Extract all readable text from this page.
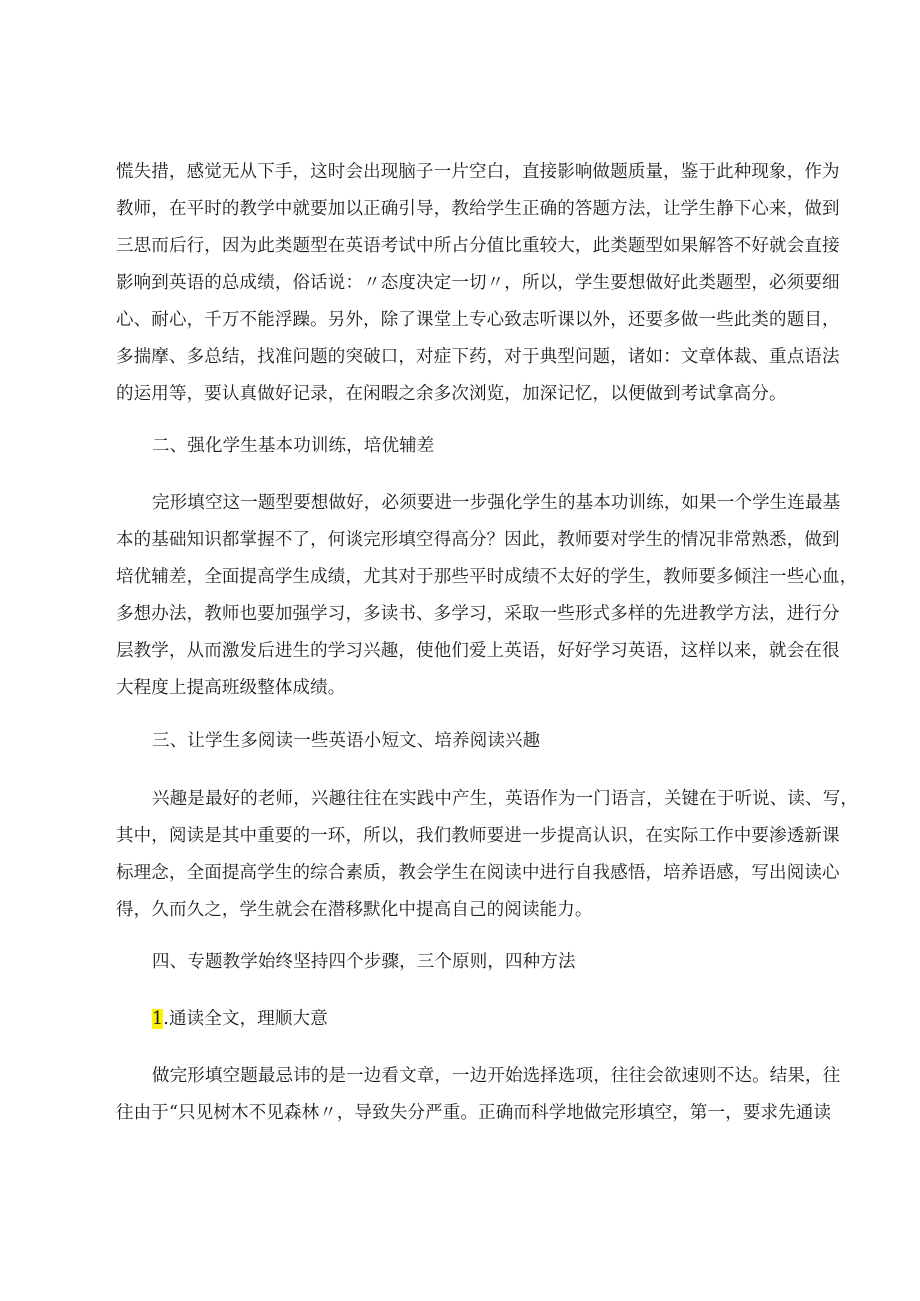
慌失措，感觉无从下手，这时会出现脑子一片空白，直接影响做题质量，鉴于此种现象，作为

教师，在平时的教学中就要加以正确引导，教给学生正确的答题方法，让学生静下心来，做到

三思而后行，因为此类题型在英语考试中所占分值比重较大，此类题型如果解答不好就会直接

影响到英语的总成绩，俗话说：〃态度决定一切〃，所以，学生要想做好此类题型，必须要细

心、耐心，千万不能浮躁。另外，除了课堂上专心致志听课以外，还要多做一些此类的题目，

多揣摩、多总结，找准问题的突破口，对症下药，对于典型问题，诸如：文章体裁、重点语法

的运用等，要认真做好记录，在闲暇之余多次浏览，加深记忆，以便做到考试拿高分。

二、强化学生基本功训练，培优辅差

完形填空这一题型要想做好，必须要进一步强化学生的基本功训练，如果一个学生连最基

本的基础知识都掌握不了，何谈完形填空得高分？因此，教师要对学生的情况非常熟悉，做到

培优辅差，全面提高学生成绩，尤其对于那些平时成绩不太好的学生，教师要多倾注一些心血，

多想办法，教师也要加强学习，多读书、多学习，采取一些形式多样的先进教学方法，进行分

层教学，从而激发后进生的学习兴趣，使他们爱上英语，好好学习英语，这样以来，就会在很

大程度上提高班级整体成绩。

三、让学生多阅读一些英语小短文、培养阅读兴趣

兴趣是最好的老师，兴趣往往在实践中产生，英语作为一门语言，关键在于听说、读、写，

其中，阅读是其中重要的一环，所以，我们教师要进一步提高认识，在实际工作中要渗透新课

标理念，全面提高学生的综合素质，教会学生在阅读中进行自我感悟，培养语感，写出阅读心

得，久而久之，学生就会在潜移默化中提高自己的阅读能力。

四、专题教学始终坚持四个步骤，三个原则，四种方法

1.通读全文，理顺大意

做完形填空题最忌讳的是一边看文章，一边开始选择选项，往往会欲速则不达。结果，往

往由于“只见树木不见森林〃，导致失分严重。正确而科学地做完形填空，第一，要求先通读
